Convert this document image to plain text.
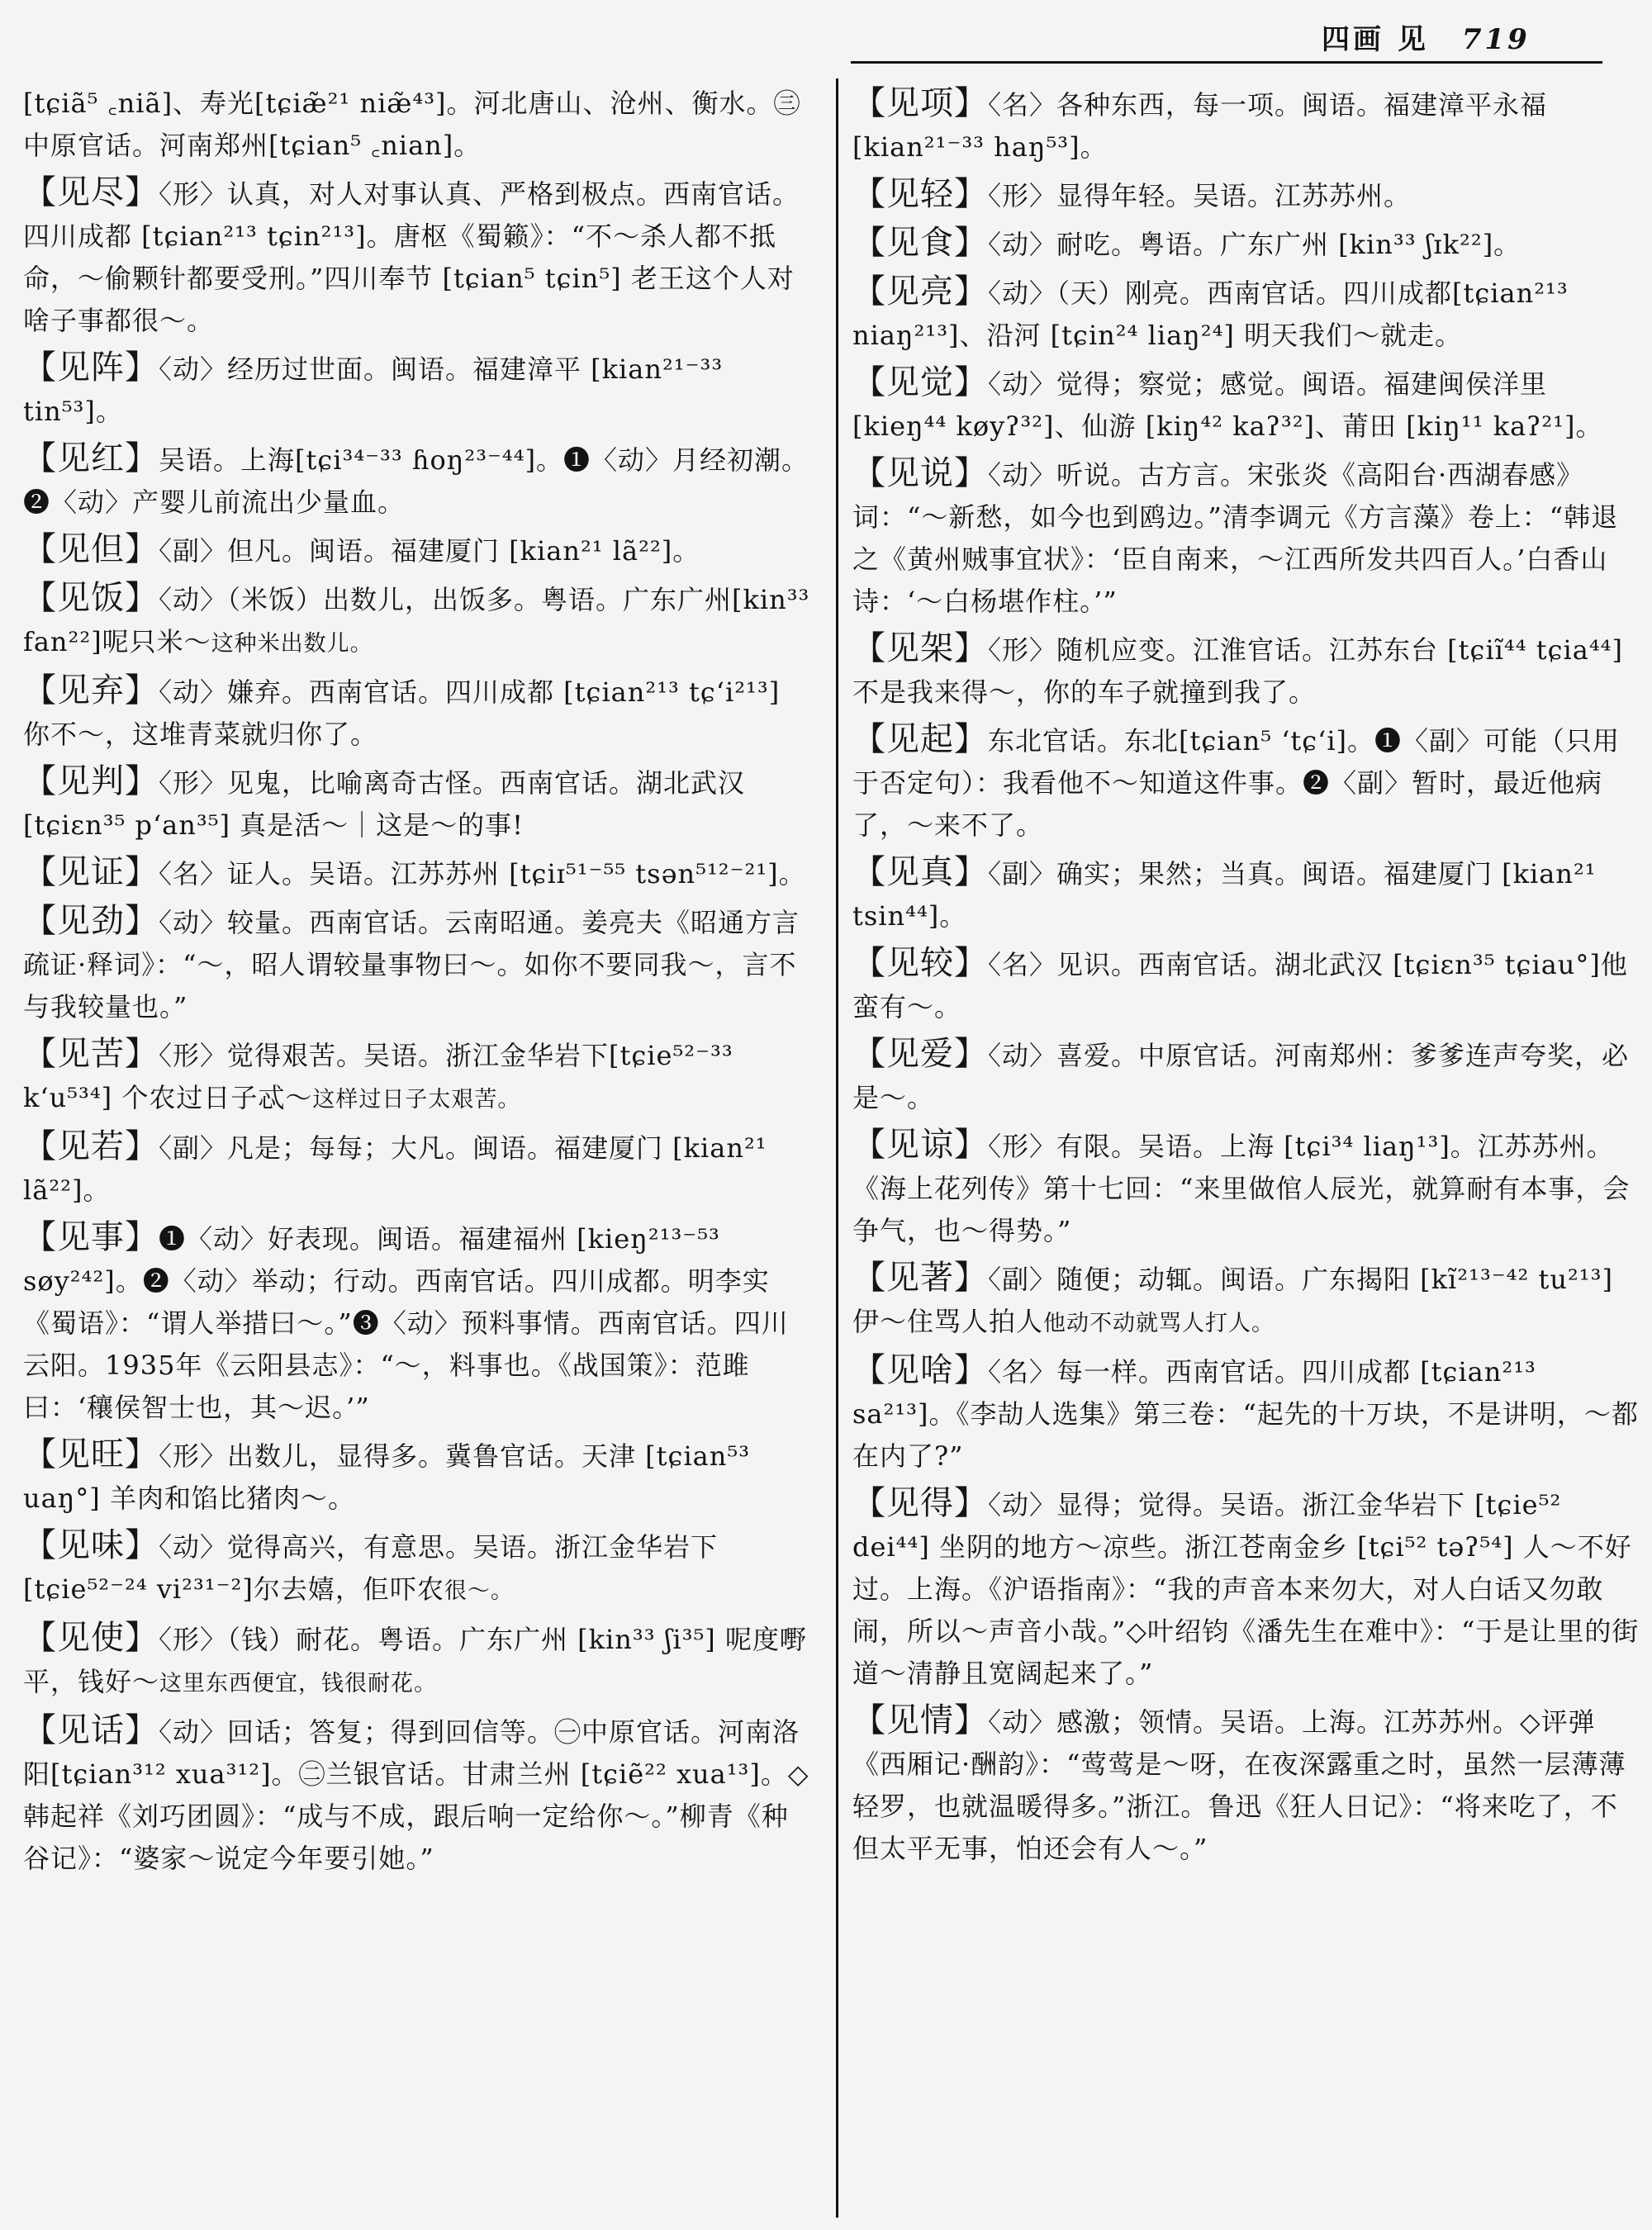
四画 见 719
[tɕiã⁵ ꜀niã]、寿光[tɕiæ̃²¹ niæ̃⁴³]。河北唐山、沧州、衡水。㊂中原官话。河南郑州[tɕian⁵ ꜀nian]。
【见尽】〈形〉认真，对人对事认真、严格到极点。西南官话。四川成都 [tɕian²¹³ tɕin²¹³]。唐枢《蜀籁》：“不～杀人都不抵命，～偷颗针都要受刑。”四川奉节 [tɕian⁵ tɕin⁵] 老王这个人对啥子事都很～。
【见阵】〈动〉经历过世面。闽语。福建漳平 [kian²¹⁻³³ tin⁵³]。
【见红】吴语。上海[tɕi³⁴⁻³³ ɦoŋ²³⁻⁴⁴]。❶〈动〉月经初潮。❷〈动〉产婴儿前流出少量血。
【见但】〈副〉但凡。闽语。福建厦门 [kian²¹ lã²²]。
【见饭】〈动〉（米饭）出数儿，出饭多。粤语。广东广州[kin³³ fan²²]呢只米～这种米出数儿。
【见弃】〈动〉嫌弃。西南官话。四川成都 [tɕian²¹³ tɕʻi²¹³] 你不～，这堆青菜就归你了。
【见判】〈形〉见鬼，比喻离奇古怪。西南官话。湖北武汉[tɕiɛn³⁵ pʻan³⁵] 真是活～｜这是～的事!
【见证】〈名〉证人。吴语。江苏苏州 [tɕiɪ⁵¹⁻⁵⁵ tsən⁵¹²⁻²¹]。
【见劲】〈动〉较量。西南官话。云南昭通。姜亮夫《昭通方言疏证·释词》：“～，昭人谓较量事物曰～。如你不要同我～，言不与我较量也。”
【见苦】〈形〉觉得艰苦。吴语。浙江金华岩下[tɕie⁵²⁻³³ kʻu⁵³⁴] 个农过日子忒～这样过日子太艰苦。
【见若】〈副〉凡是；每每；大凡。闽语。福建厦门 [kian²¹ lã²²]。
【见事】❶〈动〉好表现。闽语。福建福州 [kieŋ²¹³⁻⁵³ søy²⁴²]。❷〈动〉举动；行动。西南官话。四川成都。明李实《蜀语》：“谓人举措曰～。”❸〈动〉预料事情。西南官话。四川云阳。1935年《云阳县志》：“～，料事也。《战国策》：范雎曰：‘穰侯智士也，其～迟。’”
【见旺】〈形〉出数儿，显得多。冀鲁官话。天津 [tɕian⁵³ uaŋ°] 羊肉和馅比猪肉～。
【见味】〈动〉觉得高兴，有意思。吴语。浙江金华岩下[tɕie⁵²⁻²⁴ vi²³¹⁻²]尔去嬉，佢吓农很～。
【见使】〈形〉（钱）耐花。粤语。广东广州 [kin³³ ʃi³⁵] 呢度嘢平，钱好～这里东西便宜，钱很耐花。
【见话】〈动〉回话；答复；得到回信等。㊀中原官话。河南洛阳[tɕian³¹² xua³¹²]。㊁兰银官话。甘肃兰州 [tɕiẽ²² xua¹³]。◇韩起祥《刘巧团圆》：“成与不成，跟后响一定给你～。”柳青《种谷记》：“婆家～说定今年要引她。”
【见项】〈名〉各种东西，每一项。闽语。福建漳平永福 [kian²¹⁻³³ haŋ⁵³]。
【见轻】〈形〉显得年轻。吴语。江苏苏州。
【见食】〈动〉耐吃。粤语。广东广州 [kin³³ ʃɪk²²]。
【见亮】〈动〉（天）刚亮。西南官话。四川成都[tɕian²¹³ niaŋ²¹³]、沿河 [tɕin²⁴ liaŋ²⁴] 明天我们～就走。
【见觉】〈动〉觉得；察觉；感觉。闽语。福建闽侯洋里 [kieŋ⁴⁴ køyʔ³²]、仙游 [kiŋ⁴² kaʔ³²]、莆田 [kiŋ¹¹ kaʔ²¹]。
【见说】〈动〉听说。古方言。宋张炎《高阳台·西湖春感》词：“～新愁，如今也到鸥边。”清李调元《方言藻》卷上：“韩退之《黄州贼事宜状》：‘臣自南来，～江西所发共四百人。’白香山诗：‘～白杨堪作柱。’”
【见架】〈形〉随机应变。江淮官话。江苏东台 [tɕiĩ⁴⁴ tɕia⁴⁴]不是我来得～，你的车子就撞到我了。
【见起】东北官话。东北[tɕian⁵ ʻtɕʻi]。❶〈副〉可能（只用于否定句）：我看他不～知道这件事。❷〈副〉暂时，最近他病了，～来不了。
【见真】〈副〉确实；果然；当真。闽语。福建厦门 [kian²¹ tsin⁴⁴]。
【见较】〈名〉见识。西南官话。湖北武汉 [tɕiɛn³⁵ tɕiau°]他蛮有～。
【见爱】〈动〉喜爱。中原官话。河南郑州：爹爹连声夸奖，必是～。
【见谅】〈形〉有限。吴语。上海 [tɕi³⁴ liaŋ¹³]。江苏苏州。《海上花列传》第十七回：“来里做倌人辰光，就算耐有本事，会争气，也～得势。”
【见著】〈副〉随便；动辄。闽语。广东揭阳 [kĩ²¹³⁻⁴² tu²¹³] 伊～住骂人拍人他动不动就骂人打人。
【见啥】〈名〉每一样。西南官话。四川成都 [tɕian²¹³ sa²¹³]。《李劼人选集》第三卷：“起先的十万块，不是讲明，～都在内了?”
【见得】〈动〉显得；觉得。吴语。浙江金华岩下 [tɕie⁵² dei⁴⁴] 坐阴的地方～凉些。浙江苍南金乡 [tɕi⁵² təʔ⁵⁴] 人～不好过。上海。《沪语指南》：“我的声音本来勿大，对人白话又勿敢闹，所以～声音小哉。”◇叶绍钧《潘先生在难中》：“于是让里的街道～清静且宽阔起来了。”
【见情】〈动〉感激；领情。吴语。上海。江苏苏州。◇评弹《西厢记·酬韵》：“莺莺是～呀，在夜深露重之时，虽然一层薄薄轻罗，也就温暖得多。”浙江。鲁迅《狂人日记》：“将来吃了，不但太平无事，怕还会有人～。”
